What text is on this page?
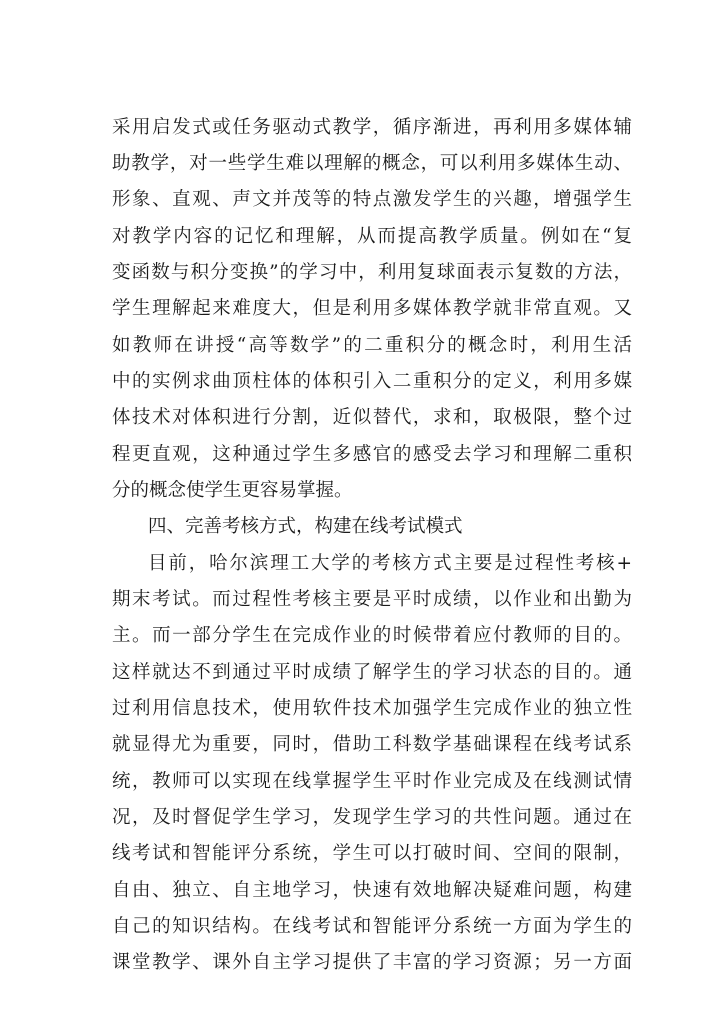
采用启发式或任务驱动式教学，循序渐进，再利用多媒体辅
助教学，对一些学生难以理解的概念，可以利用多媒体生动、
形象、直观、声文并茂等的特点激发学生的兴趣，增强学生
对教学内容的记忆和理解，从而提高教学质量。例如在“复
变函数与积分变换”的学习中，利用复球面表示复数的方法，
学生理解起来难度大，但是利用多媒体教学就非常直观。又
如教师在讲授“高等数学”的二重积分的概念时，利用生活
中的实例求曲顶柱体的体积引入二重积分的定义，利用多媒
体技术对体积进行分割，近似替代，求和，取极限，整个过
程更直观，这种通过学生多感官的感受去学习和理解二重积
分的概念使学生更容易掌握。
四、完善考核方式，构建在线考试模式
目前，哈尔滨理工大学的考核方式主要是过程性考核+
期末考试。而过程性考核主要是平时成绩，以作业和出勤为
主。而一部分学生在完成作业的时候带着应付教师的目的。
这样就达不到通过平时成绩了解学生的学习状态的目的。通
过利用信息技术，使用软件技术加强学生完成作业的独立性
就显得尤为重要，同时，借助工科数学基础课程在线考试系
统，教师可以实现在线掌握学生平时作业完成及在线测试情
况，及时督促学生学习，发现学生学习的共性问题。通过在
线考试和智能评分系统，学生可以打破时间、空间的限制，
自由、独立、自主地学习，快速有效地解决疑难问题，构建
自己的知识结构。在线考试和智能评分系统一方面为学生的
课堂教学、课外自主学习提供了丰富的学习资源；另一方面
